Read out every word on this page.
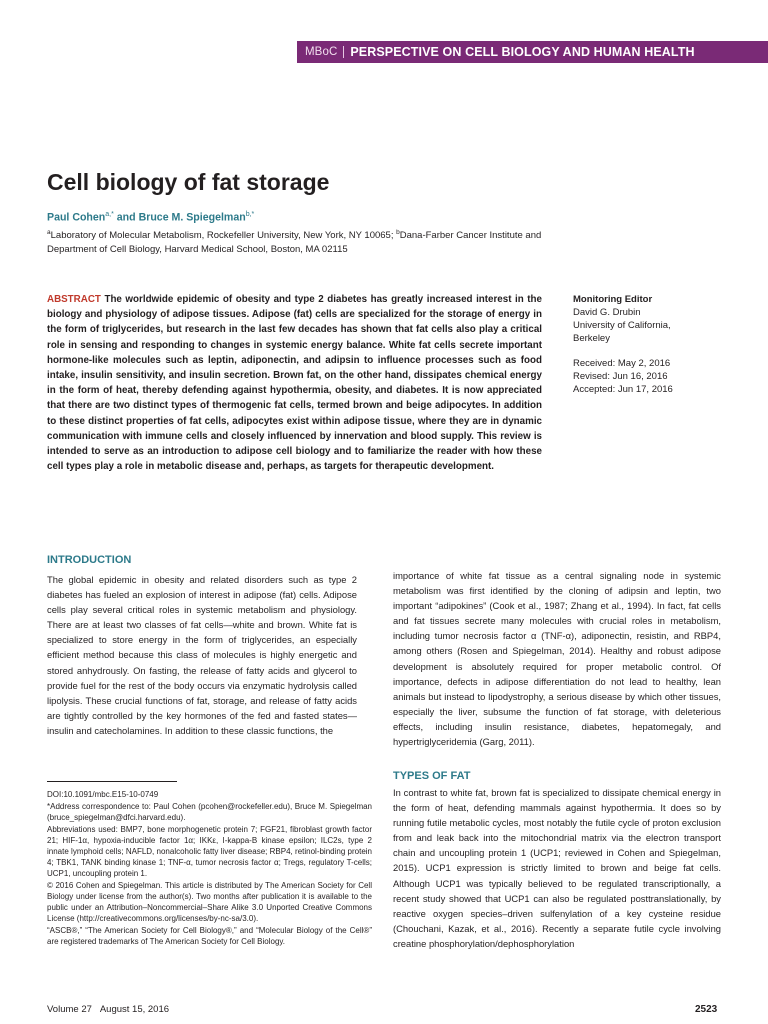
MBoC PERSPECTIVE ON CELL BIOLOGY AND HUMAN HEALTH
Cell biology of fat storage
Paul Cohen$^{a,*}$ and Bruce M. Spiegelman$^{b,*}$
$^a$Laboratory of Molecular Metabolism, Rockefeller University, New York, NY 10065; $^b$Dana-Farber Cancer Institute and Department of Cell Biology, Harvard Medical School, Boston, MA 02115
ABSTRACT The worldwide epidemic of obesity and type 2 diabetes has greatly increased interest in the biology and physiology of adipose tissues. Adipose (fat) cells are specialized for the storage of energy in the form of triglycerides, but research in the last few decades has shown that fat cells also play a critical role in sensing and responding to changes in systemic energy balance. White fat cells secrete important hormone-like molecules such as leptin, adiponectin, and adipsin to influence processes such as food intake, insulin sensitivity, and insulin secretion. Brown fat, on the other hand, dissipates chemical energy in the form of heat, thereby defending against hypothermia, obesity, and diabetes. It is now appreciated that there are two distinct types of thermogenic fat cells, termed brown and beige adipocytes. In addition to these distinct properties of fat cells, adipocytes exist within adipose tissue, where they are in dynamic communication with immune cells and closely influenced by innervation and blood supply. This review is intended to serve as an introduction to adipose cell biology and to familiarize the reader with how these cell types play a role in metabolic disease and, perhaps, as targets for therapeutic development.
Monitoring Editor
David G. Drubin
University of California,
Berkeley
Received: May 2, 2016
Revised: Jun 16, 2016
Accepted: Jun 17, 2016
INTRODUCTION
The global epidemic in obesity and related disorders such as type 2 diabetes has fueled an explosion of interest in adipose (fat) cells. Adipose cells play several critical roles in systemic metabolism and physiology. There are at least two classes of fat cells—white and brown. White fat is specialized to store energy in the form of triglycerides, an especially efficient method because this class of molecules is highly energetic and stored anhydrously. On fasting, the release of fatty acids and glycerol to provide fuel for the rest of the body occurs via enzymatic hydrolysis called lipolysis. These crucial functions of fat, storage, and release of fatty acids are tightly controlled by the key hormones of the fed and fasted states—insulin and catecholamines. In addition to these classic functions, the
importance of white fat tissue as a central signaling node in systemic metabolism was first identified by the cloning of adipsin and leptin, two important “adipokines” (Cook et al., 1987; Zhang et al., 1994). In fact, fat cells and fat tissues secrete many molecules with crucial roles in metabolism, including tumor necrosis factor α (TNF-α), adiponectin, resistin, and RBP4, among others (Rosen and Spiegelman, 2014). Healthy and robust adipose development is absolutely required for proper metabolic control. Of importance, defects in adipose differentiation do not lead to healthy, lean animals but instead to lipodystrophy, a serious disease by which other tissues, especially the liver, subsume the function of fat storage, with deleterious effects, including insulin resistance, diabetes, hepatomegaly, and hypertriglyceridemia (Garg, 2011).
TYPES OF FAT
In contrast to white fat, brown fat is specialized to dissipate chemical energy in the form of heat, defending mammals against hypothermia. It does so by running futile metabolic cycles, most notably the futile cycle of proton exclusion from and leak back into the mitochondrial matrix via the electron transport chain and uncoupling protein 1 (UCP1; reviewed in Cohen and Spiegelman, 2015). UCP1 expression is strictly limited to brown and beige fat cells. Although UCP1 was typically believed to be regulated transcriptionally, a recent study showed that UCP1 can also be regulated posttranslationally, by reactive oxygen species–driven sulfenylation of a key cysteine residue (Chouchani, Kazak, et al., 2016). Recently a separate futile cycle involving creatine phosphorylation/dephosphorylation

DOI:10.1091/mbc.E15-10-0749

*Address correspondence to: Paul Cohen (pcohen@rockefeller.edu), Bruce M. Spiegelman (bruce_spiegelman@dfci.harvard.edu).

Abbreviations used: BMP7, bone morphogenetic protein 7; FGF21, fibroblast growth factor 21; HIF-1α, hypoxia-inducible factor 1α; IKKε, I-kappa-B kinase epsilon; ILC2s, type 2 innate lymphoid cells; NAFLD, nonalcoholic fatty liver disease; RBP4, retinol-binding protein 4; TBK1, TANK binding kinase 1; TNF-α, tumor necrosis factor α; Tregs, regulatory T-cells; UCP1, uncoupling protein 1.

© 2016 Cohen and Spiegelman. This article is distributed by The American Society for Cell Biology under license from the author(s). Two months after publication it is available to the public under an Attribution–Noncommercial–Share Alike 3.0 Unported Creative Commons License (http://creativecommons.org/licenses/by-nc-sa/3.0).

“ASCB®,” “The American Society for Cell Biology®,” and “Molecular Biology of the Cell®” are registered trademarks of The American Society for Cell Biology.

Volume 27 August 15, 2016	2523
